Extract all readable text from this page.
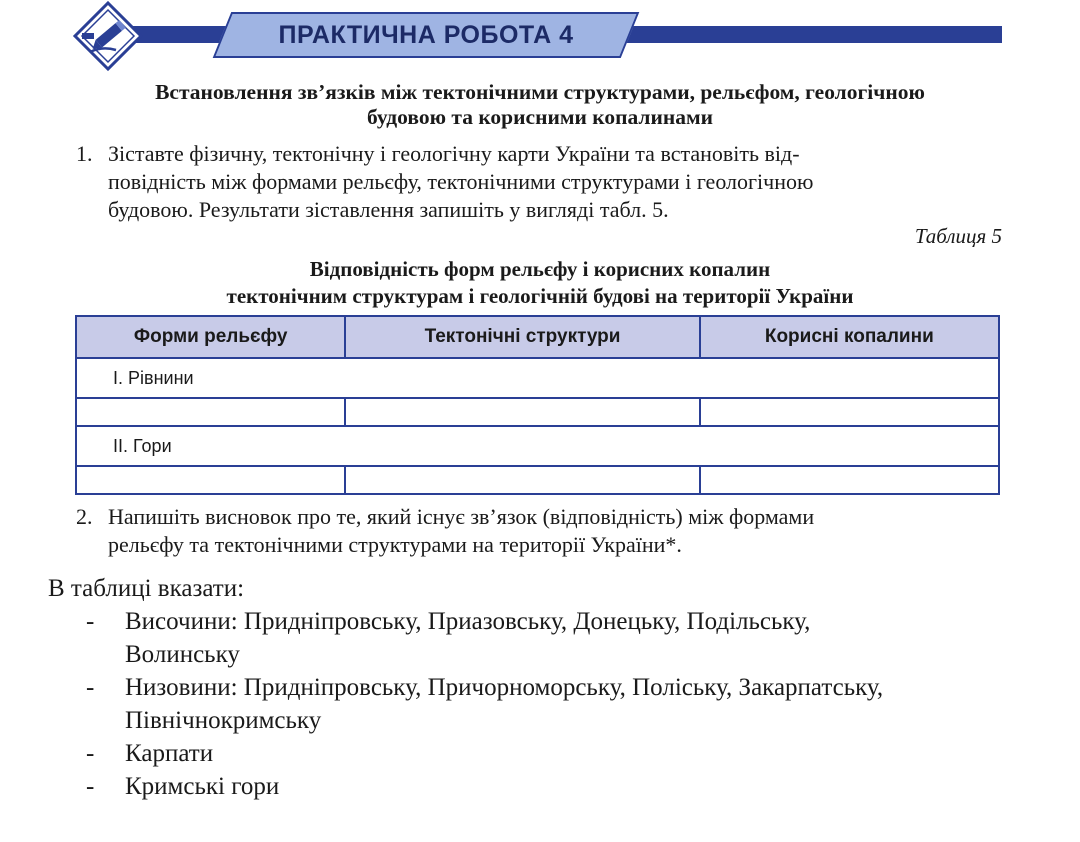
ПРАКТИЧНА РОБОТА 4
Встановлення зв’язків між тектонічними структурами, рельєфом, геологічною
будовою та корисними копалинами
1. Зіставте фізичну, тектонічну і геологічну карти України та встановіть від-
повідність між формами рельєфу, тектонічними структурами і геологічною
будовою. Результати зіставлення запишіть у вигляді табл. 5.
Таблиця 5
Відповідність форм рельєфу і корисних копалин
тектонічним структурам і геологічній будові на території України
Форми рельєфу	Тектонічні структури	Корисні копалини
І. Рівнини		

ІІ. Гори		

2. Напишіть висновок про те, який існує зв’язок (відповідність) між формами
рельєфу та тектонічними структурами на території України*.
В таблиці вказати:
- Височини: Придніпровську, Приазовську, Донецьку, Подільську,
Волинську
- Низовини: Придніпровську, Причорноморську, Поліську, Закарпатську,
Північнокримську
- Карпати
- Кримські гори
